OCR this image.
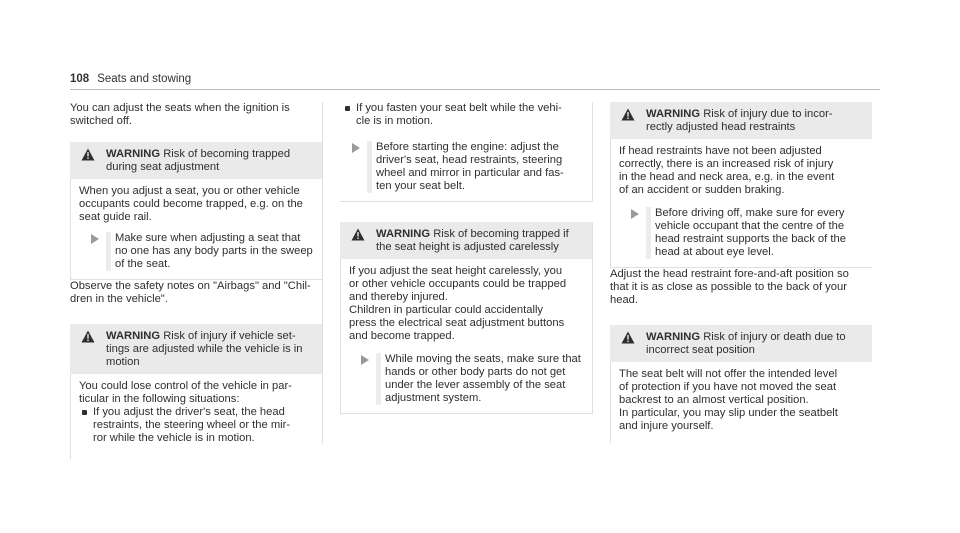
108 Seats and stowing

You can adjust the seats when the ignition is
switched off.

WARNING Risk of becoming trapped
during seat adjustment

When you adjust a seat, you or other vehicle
occupants could become trapped, e.g. on the
seat guide rail.

Make sure when adjusting a seat that
no one has any body parts in the sweep
of the seat.

Observe the safety notes on "Airbags" and "Chil-
dren in the vehicle".

WARNING Risk of injury if vehicle set-
tings are adjusted while the vehicle is in
motion

You could lose control of the vehicle in par-
ticular in the following situations:

If you adjust the driver's seat, the head
restraints, the steering wheel or the mir-
ror while the vehicle is in motion.
If you fasten your seat belt while the vehi-
cle is in motion.
Before starting the engine: adjust the
driver's seat, head restraints, steering
wheel and mirror in particular and fas-
ten your seat belt.
WARNING Risk of becoming trapped if
the seat height is adjusted carelessly

If you adjust the seat height carelessly, you
or other vehicle occupants could be trapped
and thereby injured.

Children in particular could accidentally
press the electrical seat adjustment buttons
and become trapped.

While moving the seats, make sure that
hands or other body parts do not get
under the lever assembly of the seat
adjustment system.
WARNING Risk of injury due to incor-
rectly adjusted head restraints

If head restraints have not been adjusted
correctly, there is an increased risk of injury
in the head and neck area, e.g. in the event
of an accident or sudden braking.

Before driving off, make sure for every
vehicle occupant that the centre of the
head restraint supports the back of the
head at about eye level.

Adjust the head restraint fore-and-aft position so
that it is as close as possible to the back of your
head.

WARNING Risk of injury or death due to
incorrect seat position

The seat belt will not offer the intended level
of protection if you have not moved the seat
backrest to an almost vertical position.

In particular, you may slip under the seatbelt
and injure yourself.
